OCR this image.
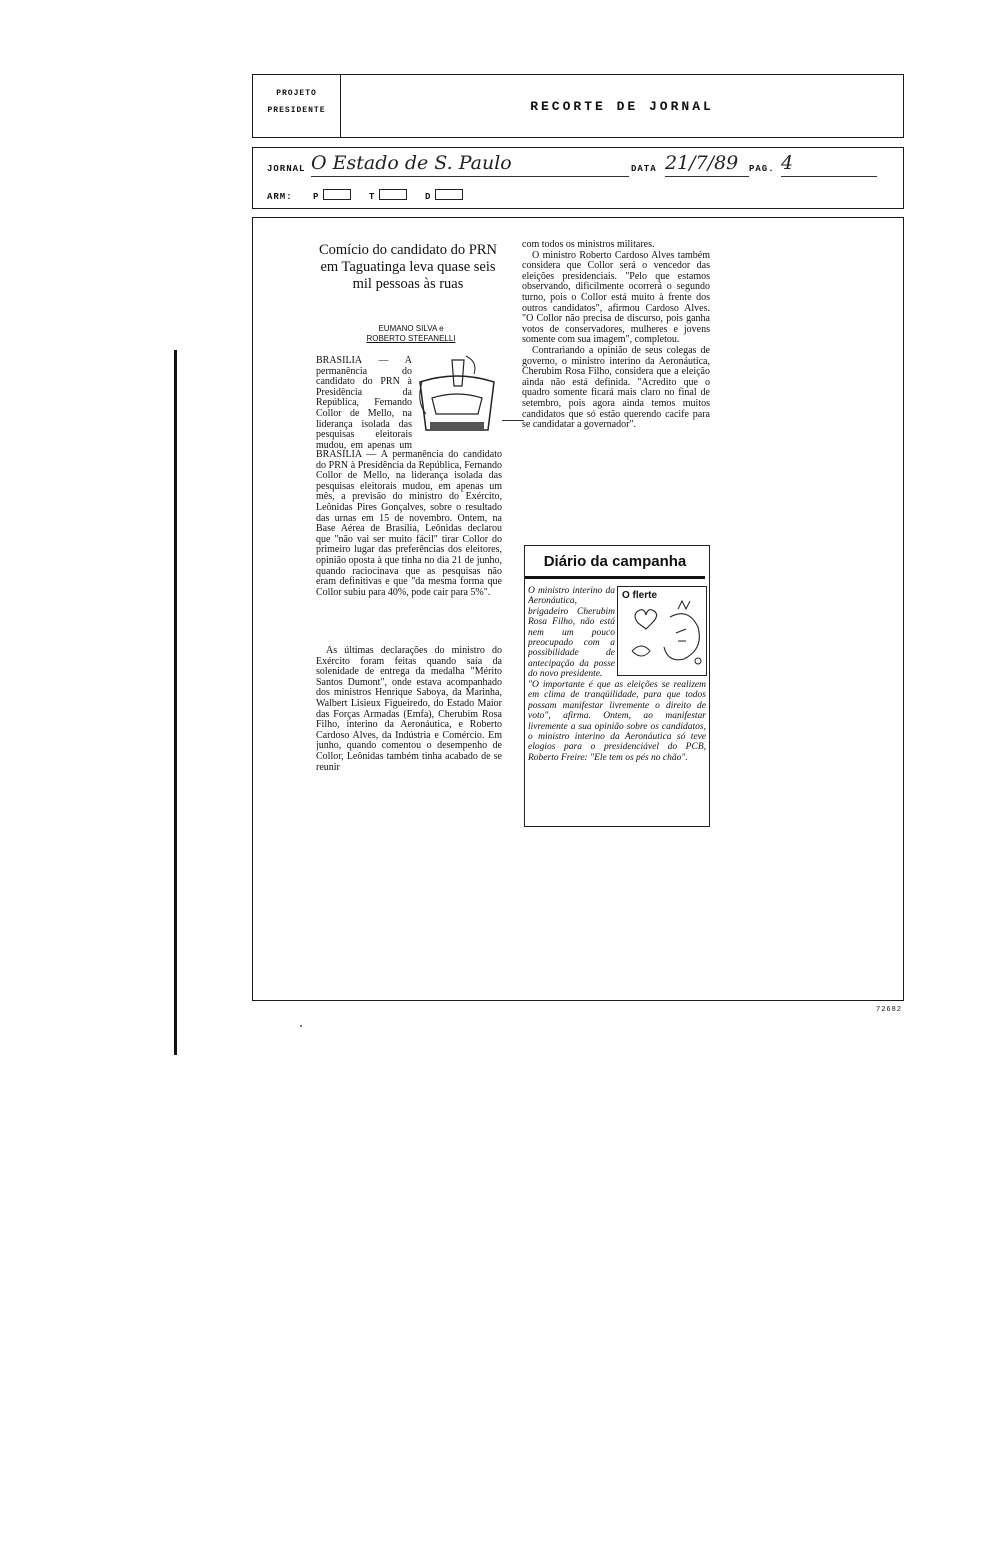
PROJETO
PRESIDENTE	RECORTE DE JORNAL
JORNAL O Estado de S. Paulo	DATA 21/7/89	PAG. 4
ARM: P	T	D
Comício do candidato do PRN em Taguatinga leva quase seis mil pessoas às ruas
EUMANO SILVA e
ROBERTO STEFANELLI

BRASÍLIA — A permanência do candidato do PRN à Presidência da República, Fernando Collor de Mello, na liderança isolada das pesquisas eleitorais mudou, em apenas um

BRASÍLIA — A permanência do candidato do PRN à Presidência da República, Fernando Collor de Mello, na liderança isolada das pesquisas eleitorais mudou, em apenas um mês, a previsão do ministro do Exército, Leônidas Pires Gonçalves, sobre o resultado das urnas em 15 de novembro. Ontem, na Base Aérea de Brasília, Leônidas declarou que "não vai ser muito fácil" tirar Collor do primeiro lugar das preferências dos eleitores, opinião oposta à que tinha no dia 21 de junho, quando raciocinava que as pesquisas não eram definitivas e que "da mesma forma que Collor subiu para 40%, pode cair para 5%".

As últimas declarações do ministro do Exército foram feitas quando saía da solenidade de entrega da medalha "Mérito Santos Dumont", onde estava acompanhado dos ministros Henrique Saboya, da Marinha, Walbert Lisieux Figueiredo, do Estado Maior das Forças Armadas (Emfa), Cherubim Rosa Filho, interino da Aeronáutica, e Roberto Cardoso Alves, da Indústria e Comércio. Em junho, quando comentou o desempenho de Collor, Leônidas também tinha acabado de se reunir

com todos os ministros militares.

O ministro Roberto Cardoso Alves também considera que Collor será o vencedor das eleições presidenciais. "Pelo que estamos observando, dificilmente ocorrerá o segundo turno, pois o Collor está muito à frente dos outros candidatos", afirmou Cardoso Alves. "O Collor não precisa de discurso, pois ganha votos de conservadores, mulheres e jovens somente com sua imagem", completou.

Contrariando a opinião de seus colegas de governo, o ministro interino da Aeronáutica, Cherubim Rosa Filho, considera que a eleição ainda não está definida. "Acredito que o quadro somente ficará mais claro no final de setembro, pois agora ainda temos muitos candidatos que só estão querendo cacife para se candidatar a governador".

Diário da campanha
O ministro interino da Aeronáutica, brigadeiro Cherubim Rosa Filho, não está nem um pouco preocupado com a possibilidade de antecipação da posse do novo presidente.
O flerte
"O importante é que as eleições se realizem em clima de tranqüilidade, para que todos possam manifestar livremente o direito de voto", afirma. Ontem, ao manifestar livremente a sua opinião sobre os candidatos, o ministro interino da Aeronáutica só teve elogios para o presidenciável do PCB, Roberto Freire: "Ele tem os pés no chão".
72682
